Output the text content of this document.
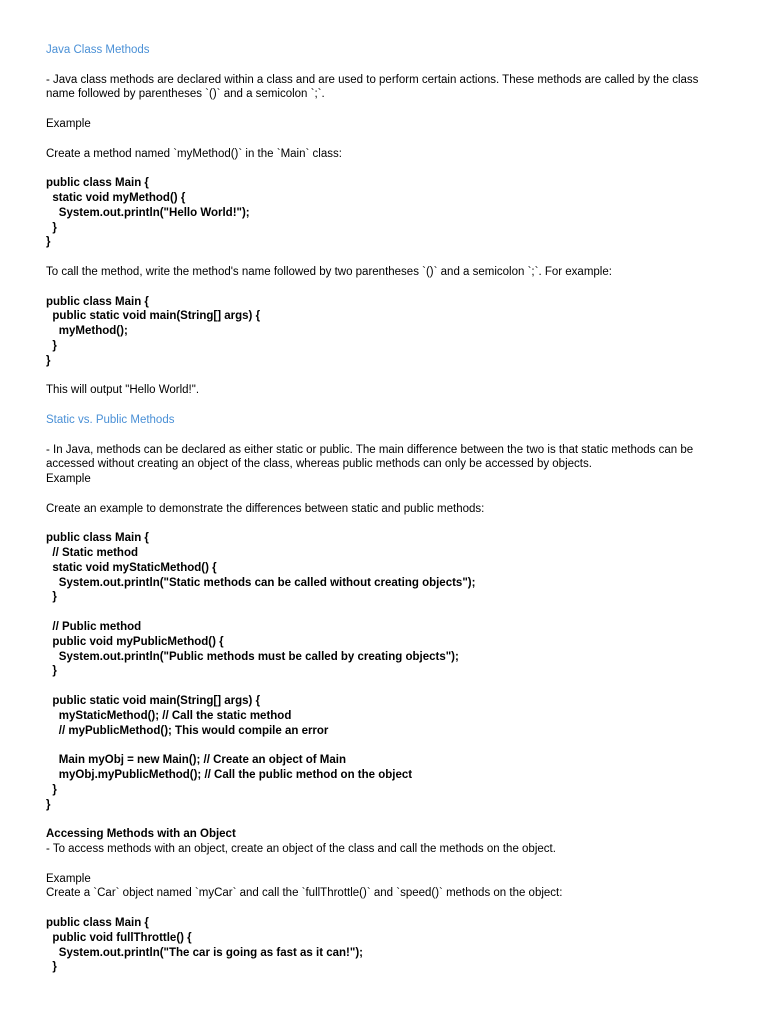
Java Class Methods

- Java class methods are declared within a class and are used to perform certain actions. These methods are called by the class name followed by parentheses `()` and a semicolon `;`.

Example

Create a method named `myMethod()` in the `Main` class:

public class Main {
static void myMethod() {
System.out.println("Hello World!");
}
}

To call the method, write the method's name followed by two parentheses `()` and a semicolon `;`. For example:

public class Main {
public static void main(String[] args) {
myMethod();
}
}

This will output "Hello World!".

Static vs. Public Methods

- In Java, methods can be declared as either static or public. The main difference between the two is that static methods can be accessed without creating an object of the class, whereas public methods can only be accessed by objects.

Example

Create an example to demonstrate the differences between static and public methods:

public class Main {
// Static method
static void myStaticMethod() {
System.out.println("Static methods can be called without creating objects");
}

// Public method
public void myPublicMethod() {
System.out.println("Public methods must be called by creating objects");
}

public static void main(String[] args) {
myStaticMethod(); // Call the static method
// myPublicMethod(); This would compile an error

Main myObj = new Main(); // Create an object of Main
myObj.myPublicMethod(); // Call the public method on the object
}
}
Accessing Methods with an Object

- To access methods with an object, create an object of the class and call the methods on the object.

Example

Create a `Car` object named `myCar` and call the `fullThrottle()` and `speed()` methods on the object:

public class Main {
public void fullThrottle() {
System.out.println("The car is going as fast as it can!");
}
